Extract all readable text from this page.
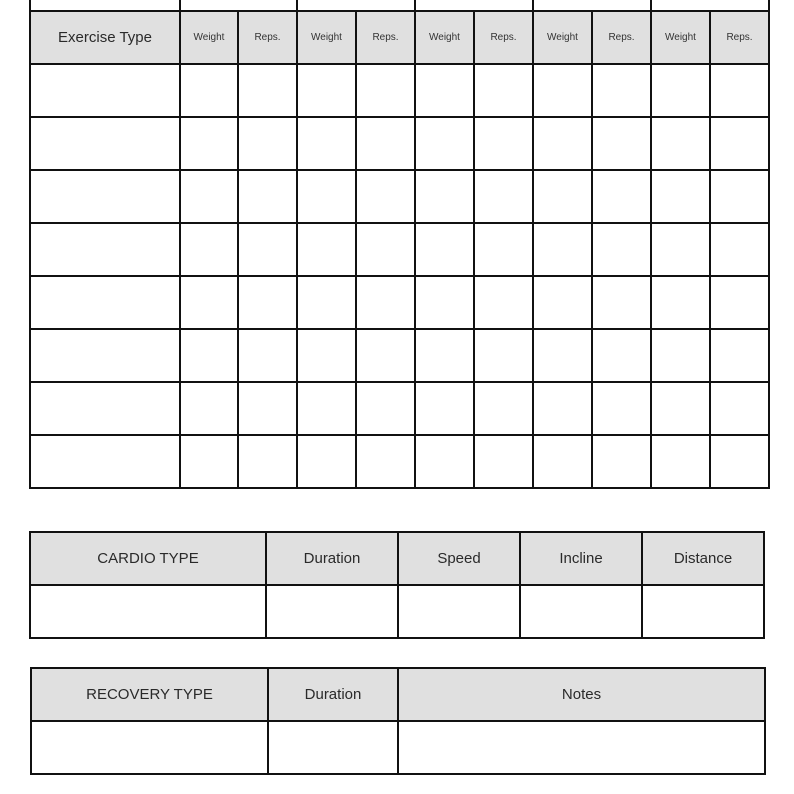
Exercise Type	Weight	Reps.	Weight	Reps.	Weight	Reps.	Weight	Reps.	Weight	Reps.

CARDIO TYPE	Duration	Speed	Incline	Distance

RECOVERY TYPE	Duration	Notes
